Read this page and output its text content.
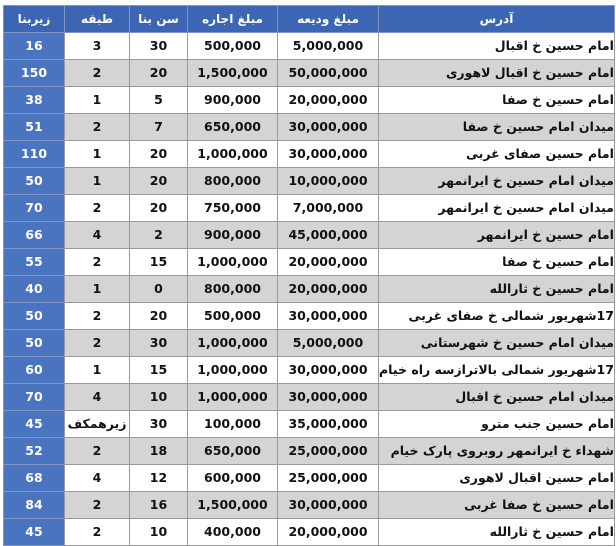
آدرس	مبلغ ودیعه	مبلغ اجاره	سن بنا	طبقه	زیربنا
امام حسین خ اقبال	5,000,000	500,000	30	3	16
امام حسین خ اقبال لاهوری	50,000,000	1,500,000	20	2	150
امام حسین خ صفا	20,000,000	900,000	5	1	38
میدان امام حسین خ صفا	30,000,000	650,000	7	2	51
امام حسین صفای غربی	30,000,000	1,000,000	20	1	110
میدان امام حسین خ ایرانمهر	10,000,000	800,000	20	1	50
میدان امام حسین خ ایرانمهر	7,000,000	750,000	20	2	70
امام حسین خ ایرانمهر	45,000,000	900,000	2	4	66
امام حسین خ صفا	20,000,000	1,000,000	15	2	55
امام حسین خ ثارالله	20,000,000	800,000	0	1	40
17شهریور شمالی خ صفای غربی	30,000,000	500,000	20	2	50
میدان امام حسین خ شهرستانی	5,000,000	1,000,000	30	2	50
17شهریور شمالی بالاترازسه راه خیام	30,000,000	1,000,000	15	1	60
میدان امام حسین خ اقبال	30,000,000	1,000,000	10	4	70
امام حسین جنب مترو	35,000,000	100,000	30	زیرهمکف	45
شهداء خ ایرانمهر روبروی پارک خیام	25,000,000	650,000	18	2	52
امام حسین اقبال لاهوری	25,000,000	600,000	12	4	68
امام حسین خ صفا غربی	30,000,000	1,500,000	16	2	84
امام حسین خ ثارالله	20,000,000	400,000	10	2	45
